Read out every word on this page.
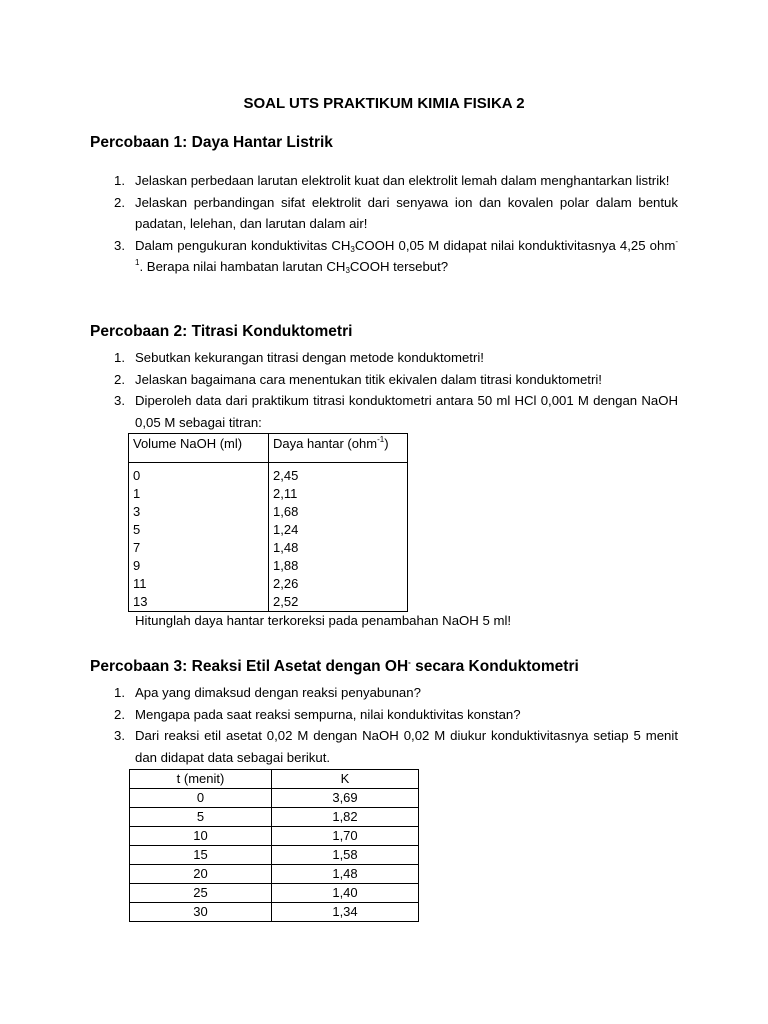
SOAL UTS PRAKTIKUM KIMIA FISIKA 2
Percobaan 1: Daya Hantar Listrik
1. Jelaskan perbedaan larutan elektrolit kuat dan elektrolit lemah dalam menghantarkan listrik!
2. Jelaskan perbandingan sifat elektrolit dari senyawa ion dan kovalen polar dalam bentuk padatan, lelehan, dan larutan dalam air!
3. Dalam pengukuran konduktivitas $CH_3COOH$ 0,05 M didapat nilai konduktivitasnya 4,25 ohm$^{-1}$. Berapa nilai hambatan larutan $CH_3COOH$ tersebut?
Percobaan 2: Titrasi Konduktometri
1. Sebutkan kekurangan titrasi dengan metode konduktometri!
2. Jelaskan bagaimana cara menentukan titik ekivalen dalam titrasi konduktometri!
3. Diperoleh data dari praktikum titrasi konduktometri antara 50 ml HCl 0,001 M dengan NaOH 0,05 M sebagai titran:
Volume NaOH (ml)	Daya hantar (ohm$^{-1}$)
0	2,45
1	2,11
3	1,68
5	1,24
7	1,48
9	1,88
11	2,26
13	2,52
Hitunglah daya hantar terkoreksi pada penambahan NaOH 5 ml!
Percobaan 3: Reaksi Etil Asetat dengan OH- secara Konduktometri
1. Apa yang dimaksud dengan reaksi penyabunan?
2. Mengapa pada saat reaksi sempurna, nilai konduktivitas konstan?
3. Dari reaksi etil asetat 0,02 M dengan NaOH 0,02 M diukur konduktivitasnya setiap 5 menit dan didapat data sebagai berikut.
t (menit)	K
0	3,69
5	1,82
10	1,70
15	1,58
20	1,48
25	1,40
30	1,34
